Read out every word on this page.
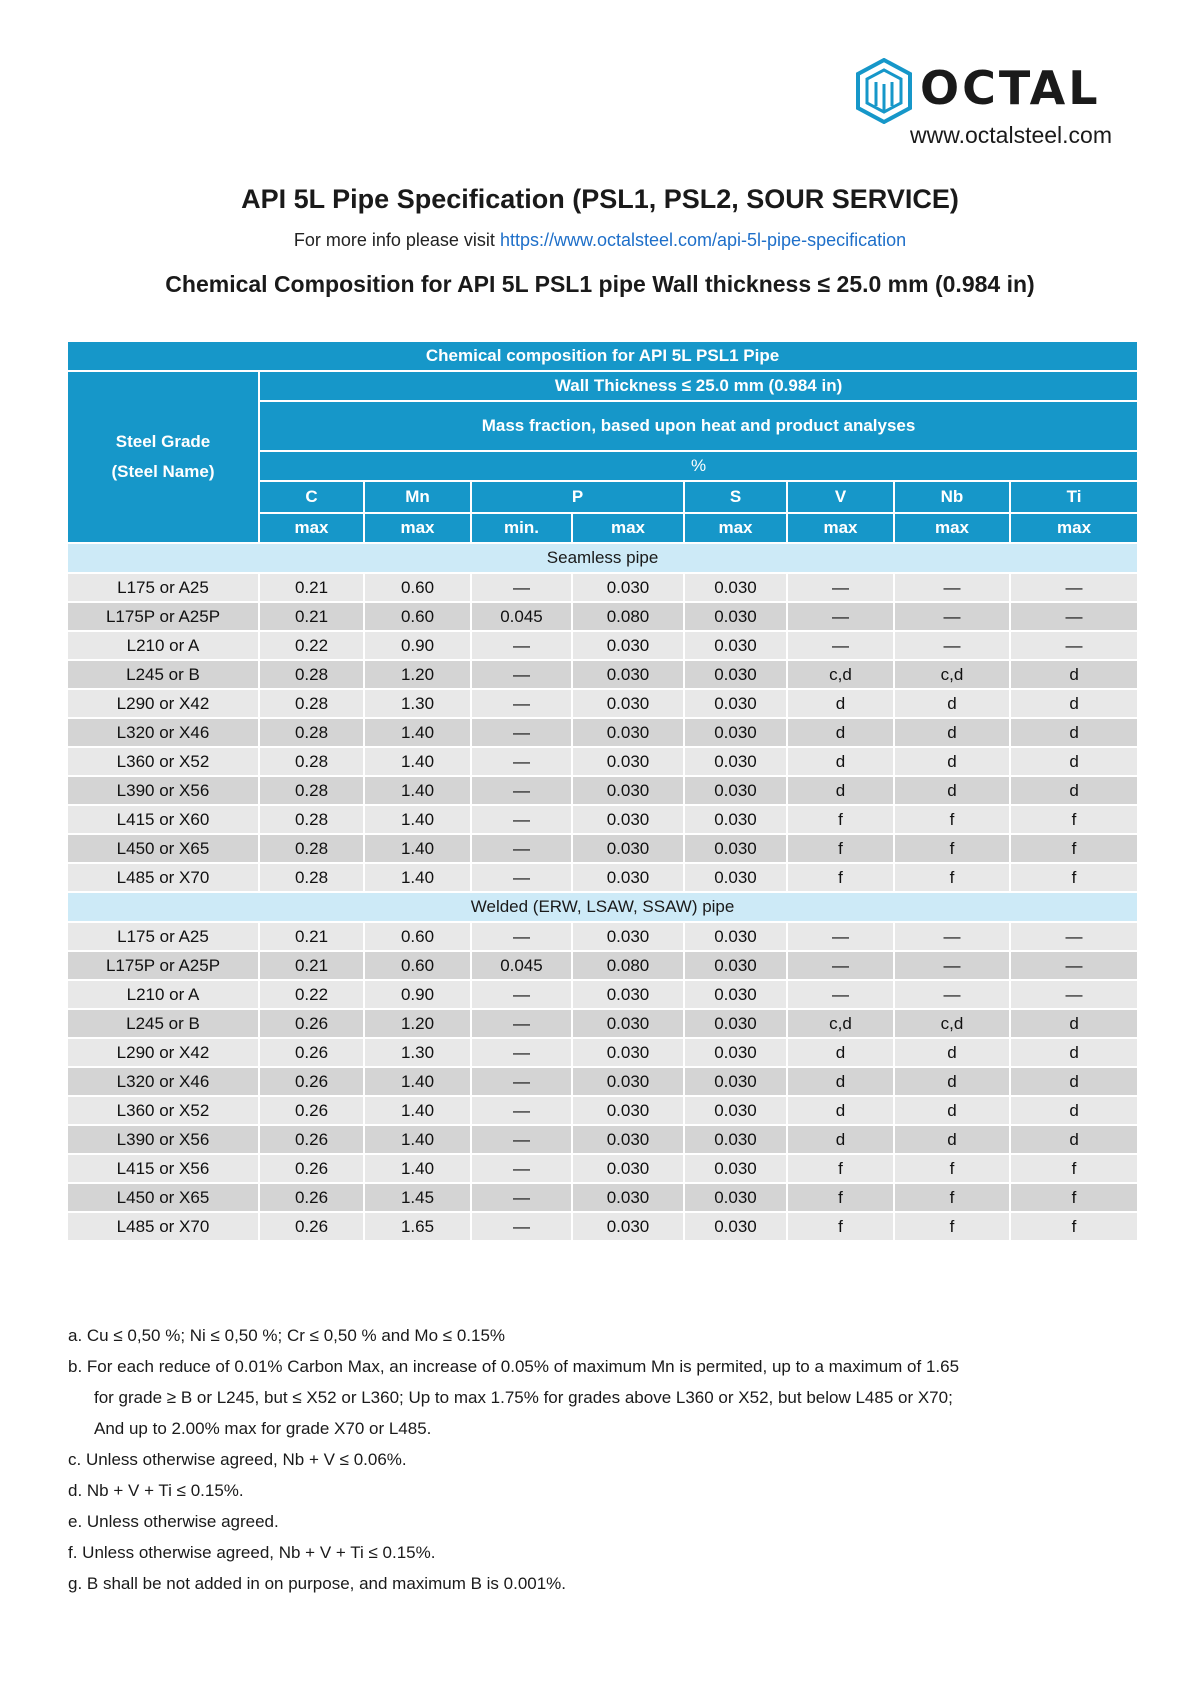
OCTAL
www.octalsteel.com
API 5L Pipe Specification (PSL1, PSL2, SOUR SERVICE)
For more info please visit https://www.octalsteel.com/api-5l-pipe-specification
Chemical Composition for API 5L PSL1 pipe Wall thickness ≤ 25.0 mm (0.984 in)
Chemical composition for API 5L PSL1 Pipe								
Steel Grade
(Steel Name)	Wall Thickness ≤ 25.0 mm (0.984 in)							
	Mass fraction, based upon heat and product analyses							
	%							
	C	Mn	P		S	V	Nb	Ti
	max	max	min.	max	max	max	max	max
Seamless pipe								
L175 or A25	0.21	0.60	—	0.030	0.030	—	—	—
L175P or A25P	0.21	0.60	0.045	0.080	0.030	—	—	—
L210 or A	0.22	0.90	—	0.030	0.030	—	—	—
L245 or B	0.28	1.20	—	0.030	0.030	c,d	c,d	d
L290 or X42	0.28	1.30	—	0.030	0.030	d	d	d
L320 or X46	0.28	1.40	—	0.030	0.030	d	d	d
L360 or X52	0.28	1.40	—	0.030	0.030	d	d	d
L390 or X56	0.28	1.40	—	0.030	0.030	d	d	d
L415 or X60	0.28	1.40	—	0.030	0.030	f	f	f
L450 or X65	0.28	1.40	—	0.030	0.030	f	f	f
L485 or X70	0.28	1.40	—	0.030	0.030	f	f	f
Welded (ERW, LSAW, SSAW) pipe								
L175 or A25	0.21	0.60	—	0.030	0.030	—	—	—
L175P or A25P	0.21	0.60	0.045	0.080	0.030	—	—	—
L210 or A	0.22	0.90	—	0.030	0.030	—	—	—
L245 or B	0.26	1.20	—	0.030	0.030	c,d	c,d	d
L290 or X42	0.26	1.30	—	0.030	0.030	d	d	d
L320 or X46	0.26	1.40	—	0.030	0.030	d	d	d
L360 or X52	0.26	1.40	—	0.030	0.030	d	d	d
L390 or X56	0.26	1.40	—	0.030	0.030	d	d	d
L415 or X56	0.26	1.40	—	0.030	0.030	f	f	f
L450 or X65	0.26	1.45	—	0.030	0.030	f	f	f
L485 or X70	0.26	1.65	—	0.030	0.030	f	f	f
a. Cu ≤ 0,50 %; Ni ≤ 0,50 %; Cr ≤ 0,50 % and Mo ≤ 0.15%
b. For each reduce of 0.01% Carbon Max, an increase of 0.05% of maximum Mn is permited, up to a maximum of 1.65
for grade ≥ B or L245, but ≤ X52 or L360; Up to max 1.75% for grades above L360 or X52, but below L485 or X70;
And up to 2.00% max for grade X70 or L485.
c. Unless otherwise agreed, Nb + V ≤ 0.06%.
d. Nb + V + Ti ≤ 0.15%.
e. Unless otherwise agreed.
f. Unless otherwise agreed, Nb + V + Ti ≤ 0.15%.
g. B shall be not added in on purpose, and maximum B is 0.001%.
